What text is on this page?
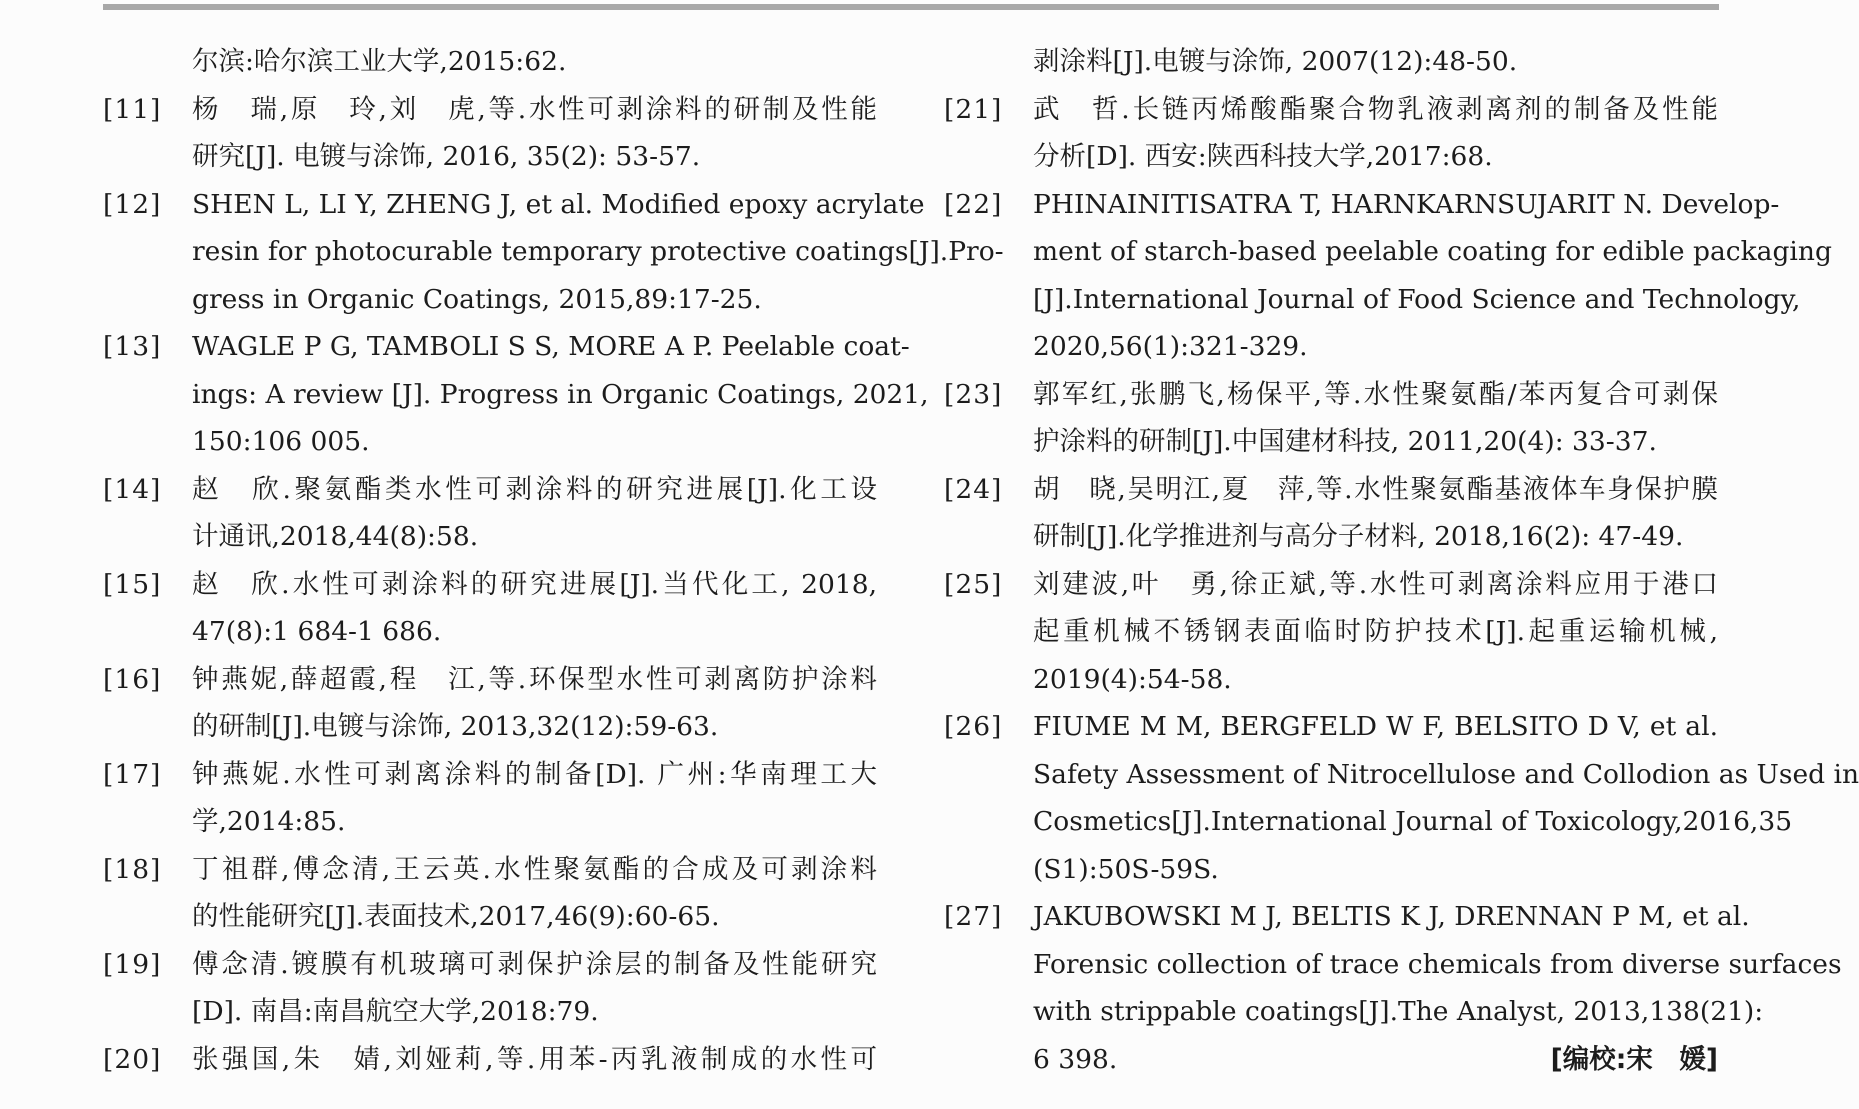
尔滨:哈尔滨工业大学,2015:62.
[11] 杨　瑞,原　玲,刘　虎,等.水性可剥涂料的研制及性能
研究[J]. 电镀与涂饰, 2016, 35(2): 53-57.
[12] SHEN L, LI Y, ZHENG J, et al. Modified epoxy acrylate
resin for photocurable temporary protective coatings[J].Pro-
gress in Organic Coatings, 2015,89:17-25.
[13] WAGLE P G, TAMBOLI S S, MORE A P. Peelable coat-
ings: A review [J]. Progress in Organic Coatings, 2021,
150:106 005.
[14] 赵　欣.聚氨酯类水性可剥涂料的研究进展[J].化工设
计通讯,2018,44(8):58.
[15] 赵　欣.水性可剥涂料的研究进展[J].当代化工, 2018,
47(8):1 684-1 686.
[16] 钟燕妮,薛超霞,程　江,等.环保型水性可剥离防护涂料
的研制[J].电镀与涂饰, 2013,32(12):59-63.
[17] 钟燕妮.水性可剥离涂料的制备[D]. 广州:华南理工大
学,2014:85.
[18] 丁祖群,傅念清,王云英.水性聚氨酯的合成及可剥涂料
的性能研究[J].表面技术,2017,46(9):60-65.
[19] 傅念清.镀膜有机玻璃可剥保护涂层的制备及性能研究
[D]. 南昌:南昌航空大学,2018:79.
[20] 张强国,朱　婧,刘娅莉,等.用苯-丙乳液制成的水性可
剥涂料[J].电镀与涂饰, 2007(12):48-50.
[21] 武　哲.长链丙烯酸酯聚合物乳液剥离剂的制备及性能
分析[D]. 西安:陕西科技大学,2017:68.
[22] PHINAINITISATRA T, HARNKARNSUJARIT N. Develop-
ment of starch-based peelable coating for edible packaging
[J].International Journal of Food Science and Technology,
2020,56(1):321-329.
[23] 郭军红,张鹏飞,杨保平,等.水性聚氨酯/苯丙复合可剥保
护涂料的研制[J].中国建材科技, 2011,20(4): 33-37.
[24] 胡　晓,吴明江,夏　萍,等.水性聚氨酯基液体车身保护膜
研制[J].化学推进剂与高分子材料, 2018,16(2): 47-49.
[25] 刘建波,叶　勇,徐正斌,等.水性可剥离涂料应用于港口
起重机械不锈钢表面临时防护技术[J].起重运输机械,
2019(4):54-58.
[26] FIUME M M, BERGFELD W F, BELSITO D V, et al.
Safety Assessment of Nitrocellulose and Collodion as Used in
Cosmetics[J].International Journal of Toxicology,2016,35
(S1):50S-59S.
[27] JAKUBOWSKI M J, BELTIS K J, DRENNAN P M, et al.
Forensic collection of trace chemicals from diverse surfaces
with strippable coatings[J].The Analyst, 2013,138(21):
6 398.	[编校:宋　媛]
